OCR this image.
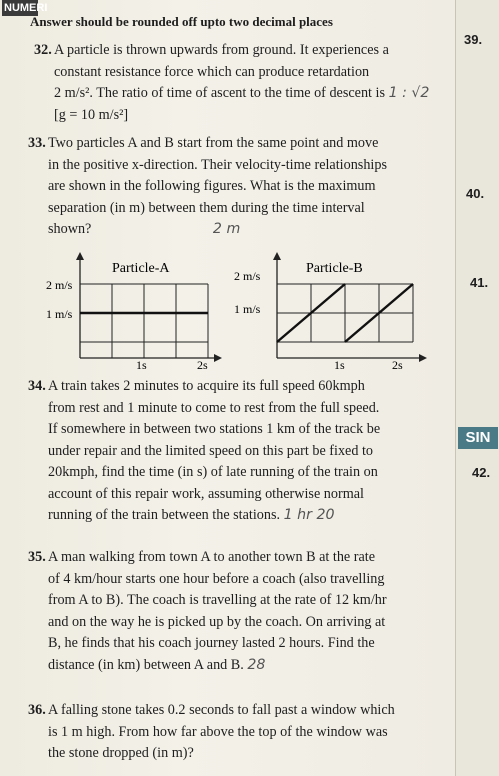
NUMERI
Answer should be rounded off upto two decimal places
32. A particle is thrown upwards from ground. It experiences a
constant resistance force which can produce retardation
2 m/s². The ratio of time of ascent to the time of descent is 1 : √2
[g = 10 m/s²]
33. Two particles A and B start from the same point and move
in the positive x-direction. Their velocity-time relationships
are shown in the following figures. What is the maximum
separation (in m) between them during the time interval
shown?	2 m
Particle-A
2 m/s
1 m/s
1s	2s
Particle-B
2 m/s
1 m/s
1s	2s
34. A train takes 2 minutes to acquire its full speed 60kmph
from rest and 1 minute to come to rest from the full speed.
If somewhere in between two stations 1 km of the track be
under repair and the limited speed on this part be fixed to
20kmph, find the time (in s) of late running of the train on
account of this repair work, assuming otherwise normal
running of the train between the stations. 1 hr 20
35. A man walking from town A to another town B at the rate
of 4 km/hour starts one hour before a coach (also travelling
from A to B). The coach is travelling at the rate of 12 km/hr
and on the way he is picked up by the coach. On arriving at
B, he finds that his coach journey lasted 2 hours. Find the
distance (in km) between A and B. 28
36. A falling stone takes 0.2 seconds to fall past a window which
is 1 m high. From how far above the top of the window was
the stone dropped (in m)?
39.
40.
41.
SIN
42.
